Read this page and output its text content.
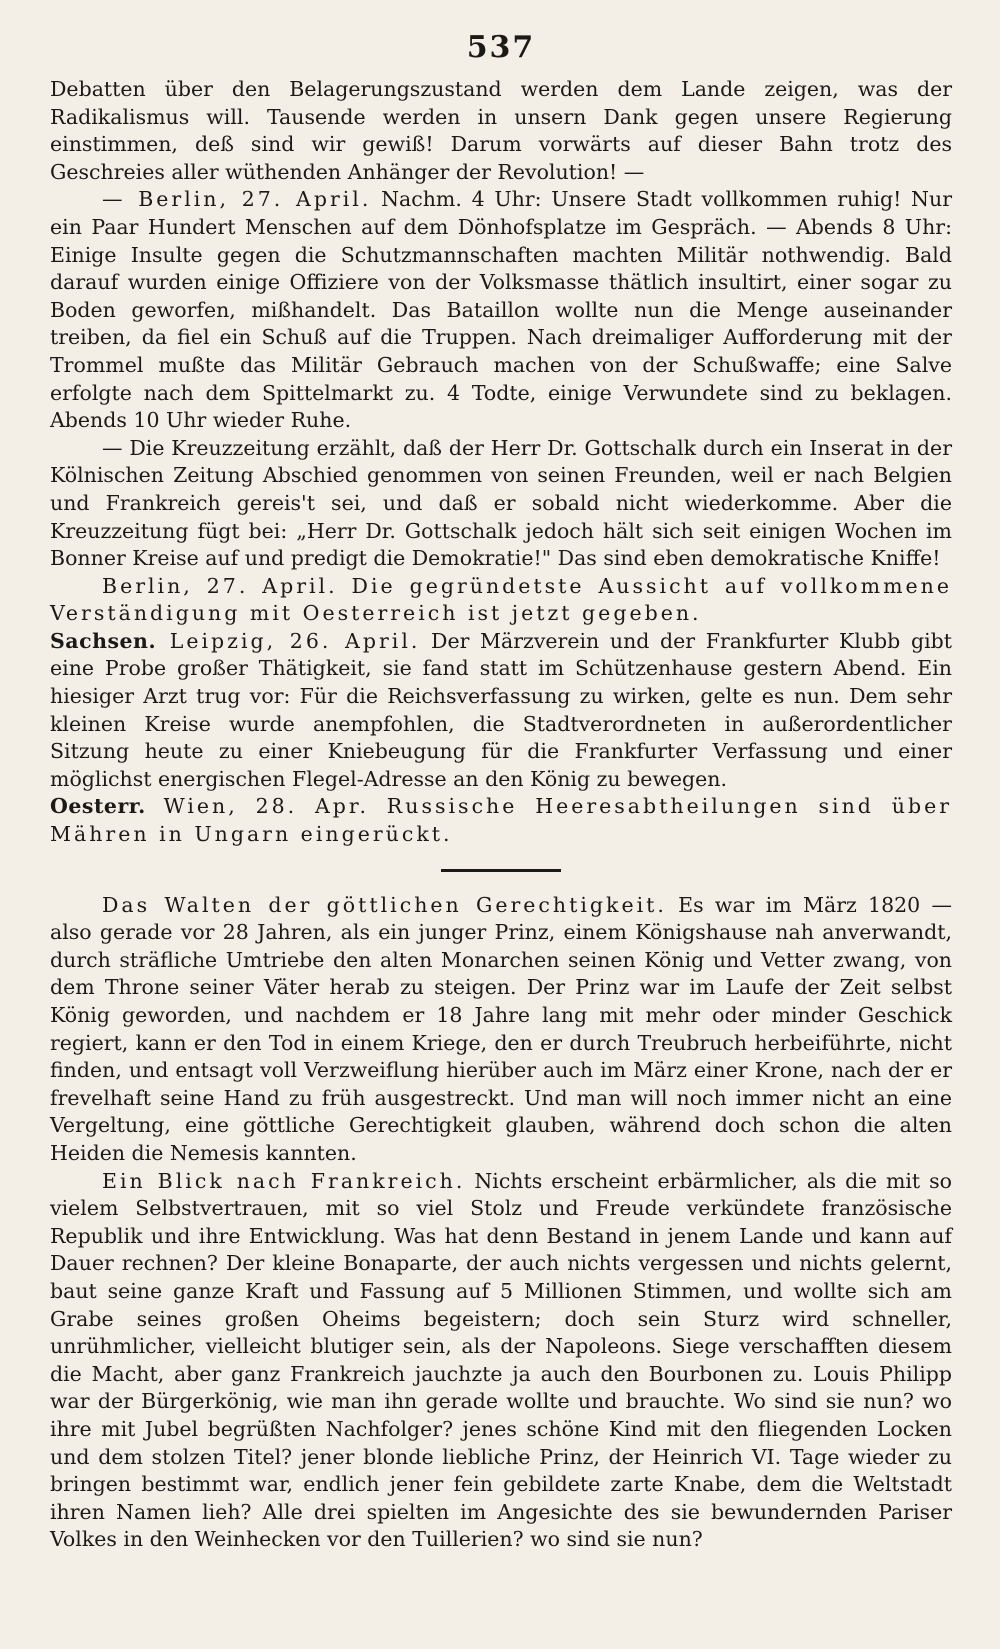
537

Debatten über den Belagerungszustand werden dem Lande zeigen, was der Radikalismus will. Tausende werden in unsern Dank gegen unsere Regierung einstimmen, deß sind wir gewiß! Darum vorwärts auf dieser Bahn trotz des Geschreies aller wüthenden Anhänger der Revolution! —

— Berlin, 27. April. Nachm. 4 Uhr: Unsere Stadt vollkommen ruhig! Nur ein Paar Hundert Menschen auf dem Dönhofsplatze im Gespräch. — Abends 8 Uhr: Einige Insulte gegen die Schutzmannschaften machten Militär nothwendig. Bald darauf wurden einige Offiziere von der Volksmasse thätlich insultirt, einer sogar zu Boden geworfen, mißhandelt. Das Bataillon wollte nun die Menge auseinander treiben, da fiel ein Schuß auf die Truppen. Nach dreimaliger Aufforderung mit der Trommel mußte das Militär Gebrauch machen von der Schußwaffe; eine Salve erfolgte nach dem Spittelmarkt zu. 4 Todte, einige Verwundete sind zu beklagen. Abends 10 Uhr wieder Ruhe.

— Die Kreuzzeitung erzählt, daß der Herr Dr. Gottschalk durch ein Inserat in der Kölnischen Zeitung Abschied genommen von seinen Freunden, weil er nach Belgien und Frankreich gereis't sei, und daß er sobald nicht wiederkomme. Aber die Kreuzzeitung fügt bei: „Herr Dr. Gottschalk jedoch hält sich seit einigen Wochen im Bonner Kreise auf und predigt die Demokratie!" Das sind eben demokratische Kniffe!

Berlin, 27. April. Die gegründetste Aussicht auf vollkommene Verständigung mit Oesterreich ist jetzt gegeben.

Sachsen. Leipzig, 26. April. Der Märzverein und der Frankfurter Klubb gibt eine Probe großer Thätigkeit, sie fand statt im Schützenhause gestern Abend. Ein hiesiger Arzt trug vor: Für die Reichsverfassung zu wirken, gelte es nun. Dem sehr kleinen Kreise wurde anempfohlen, die Stadtverordneten in außerordentlicher Sitzung heute zu einer Kniebeugung für die Frankfurter Verfassung und einer möglichst energischen Flegel-Adresse an den König zu bewegen.

Oesterr. Wien, 28. Apr. Russische Heeresabtheilungen sind über Mähren in Ungarn eingerückt.

Das Walten der göttlichen Gerechtigkeit. Es war im März 1820 — also gerade vor 28 Jahren, als ein junger Prinz, einem Königshause nah anverwandt, durch sträfliche Umtriebe den alten Monarchen seinen König und Vetter zwang, von dem Throne seiner Väter herab zu steigen. Der Prinz war im Laufe der Zeit selbst König geworden, und nachdem er 18 Jahre lang mit mehr oder minder Geschick regiert, kann er den Tod in einem Kriege, den er durch Treubruch herbeiführte, nicht finden, und entsagt voll Verzweiflung hierüber auch im März einer Krone, nach der er frevelhaft seine Hand zu früh ausgestreckt. Und man will noch immer nicht an eine Vergeltung, eine göttliche Gerechtigkeit glauben, während doch schon die alten Heiden die Nemesis kannten.

Ein Blick nach Frankreich. Nichts erscheint erbärmlicher, als die mit so vielem Selbstvertrauen, mit so viel Stolz und Freude verkündete französische Republik und ihre Entwicklung. Was hat denn Bestand in jenem Lande und kann auf Dauer rechnen? Der kleine Bonaparte, der auch nichts vergessen und nichts gelernt, baut seine ganze Kraft und Fassung auf 5 Millionen Stimmen, und wollte sich am Grabe seines großen Oheims begeistern; doch sein Sturz wird schneller, unrühmlicher, vielleicht blutiger sein, als der Napoleons. Siege verschafften diesem die Macht, aber ganz Frankreich jauchzte ja auch den Bourbonen zu. Louis Philipp war der Bürgerkönig, wie man ihn gerade wollte und brauchte. Wo sind sie nun? wo ihre mit Jubel begrüßten Nachfolger? jenes schöne Kind mit den fliegenden Locken und dem stolzen Titel? jener blonde liebliche Prinz, der Heinrich VI. Tage wieder zu bringen bestimmt war, endlich jener fein gebildete zarte Knabe, dem die Weltstadt ihren Namen lieh? Alle drei spielten im Angesichte des sie bewundernden Pariser Volkes in den Weinhecken vor den Tuillerien? wo sind sie nun?
